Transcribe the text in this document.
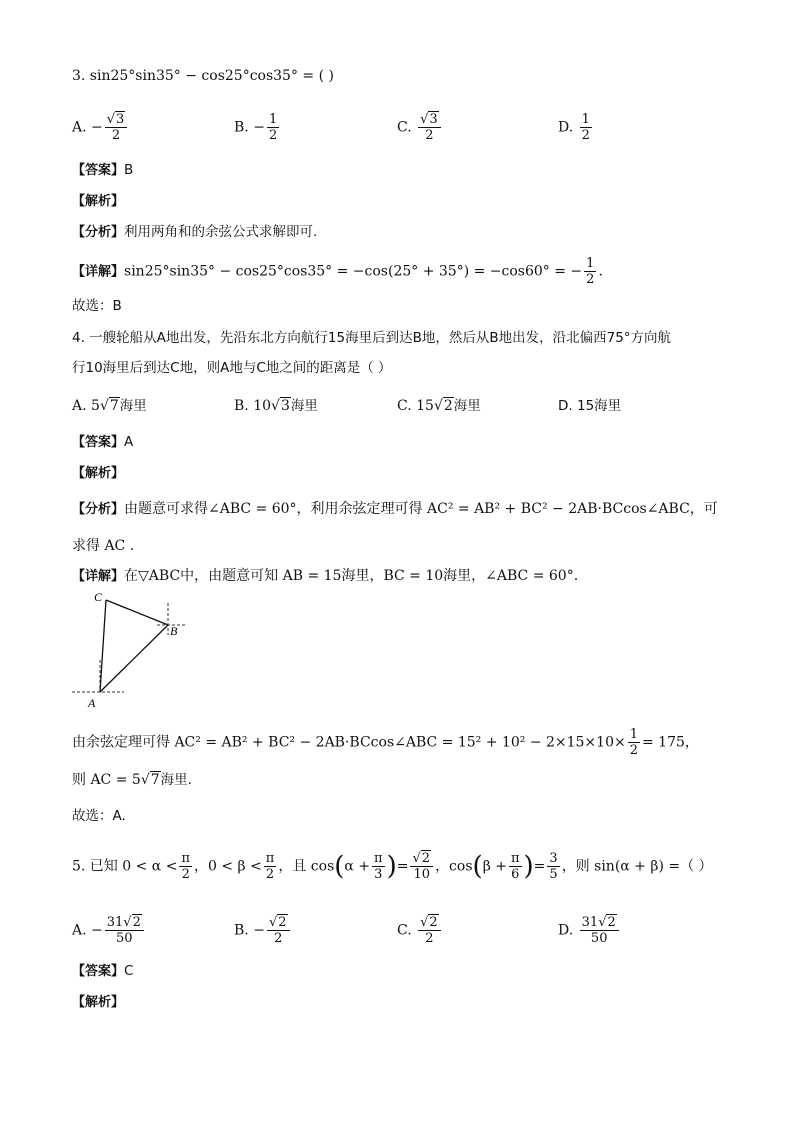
3. sin25°sin35° − cos25°cos35° = ( )
A. − $\frac{√3}{2}$	B. − $\frac{1}{2}$	C. $\frac{√3}{2}$	D. $\frac{1}{2}$
【答案】B
【解析】
【分析】利用两角和的余弦公式求解即可.
【详解】sin25°sin35° − cos25°cos35° = −cos(25° + 35°) = −cos60° = − $\frac{1}{2}$ .
故选：B
4. 一艘轮船从A地出发，先沿东北方向航行15海里后到达B地，然后从B地出发，沿北偏西75°方向航
行10海里后到达C地，则A地与C地之间的距离是（ ）
A. 5√7海里	B. 10√3海里	C. 15√2海里	D. 15海里
【答案】A
【解析】
【分析】由题意可求得∠ABC = 60°，利用余弦定理可得 AC² = AB² + BC² − 2AB·BCcos∠ABC，可
求得 AC .
【详解】在▽ABC中，由题意可知 AB = 15海里，BC = 10海里，∠ABC = 60°.
C
B
A
由余弦定理可得 AC² = AB² + BC² − 2AB·BCcos∠ABC = $15^2 + 10^2 - 2\times 15\times 10\times \frac{1}{2} = 175$，
则 AC = 5√7海里.
故选：A.
5. 已知 $0 < \alpha < \frac{\pi}{2}$ ，$0 < \beta < \frac{\pi}{2}$ ，且 $\cos(\alpha + \frac{\pi}{3}$ )= $\frac{√2}{10}$ ，$\cos(\beta + \frac{\pi}{6}$ )= $\frac{3}{5}$ ，则 sin(α + β) =（ ）
A. − $\frac{31√2}{50}$	B. − $\frac{√2}{2}$	C. $\frac{√2}{2}$	D. $\frac{31√2}{50}$
【答案】C
【解析】
